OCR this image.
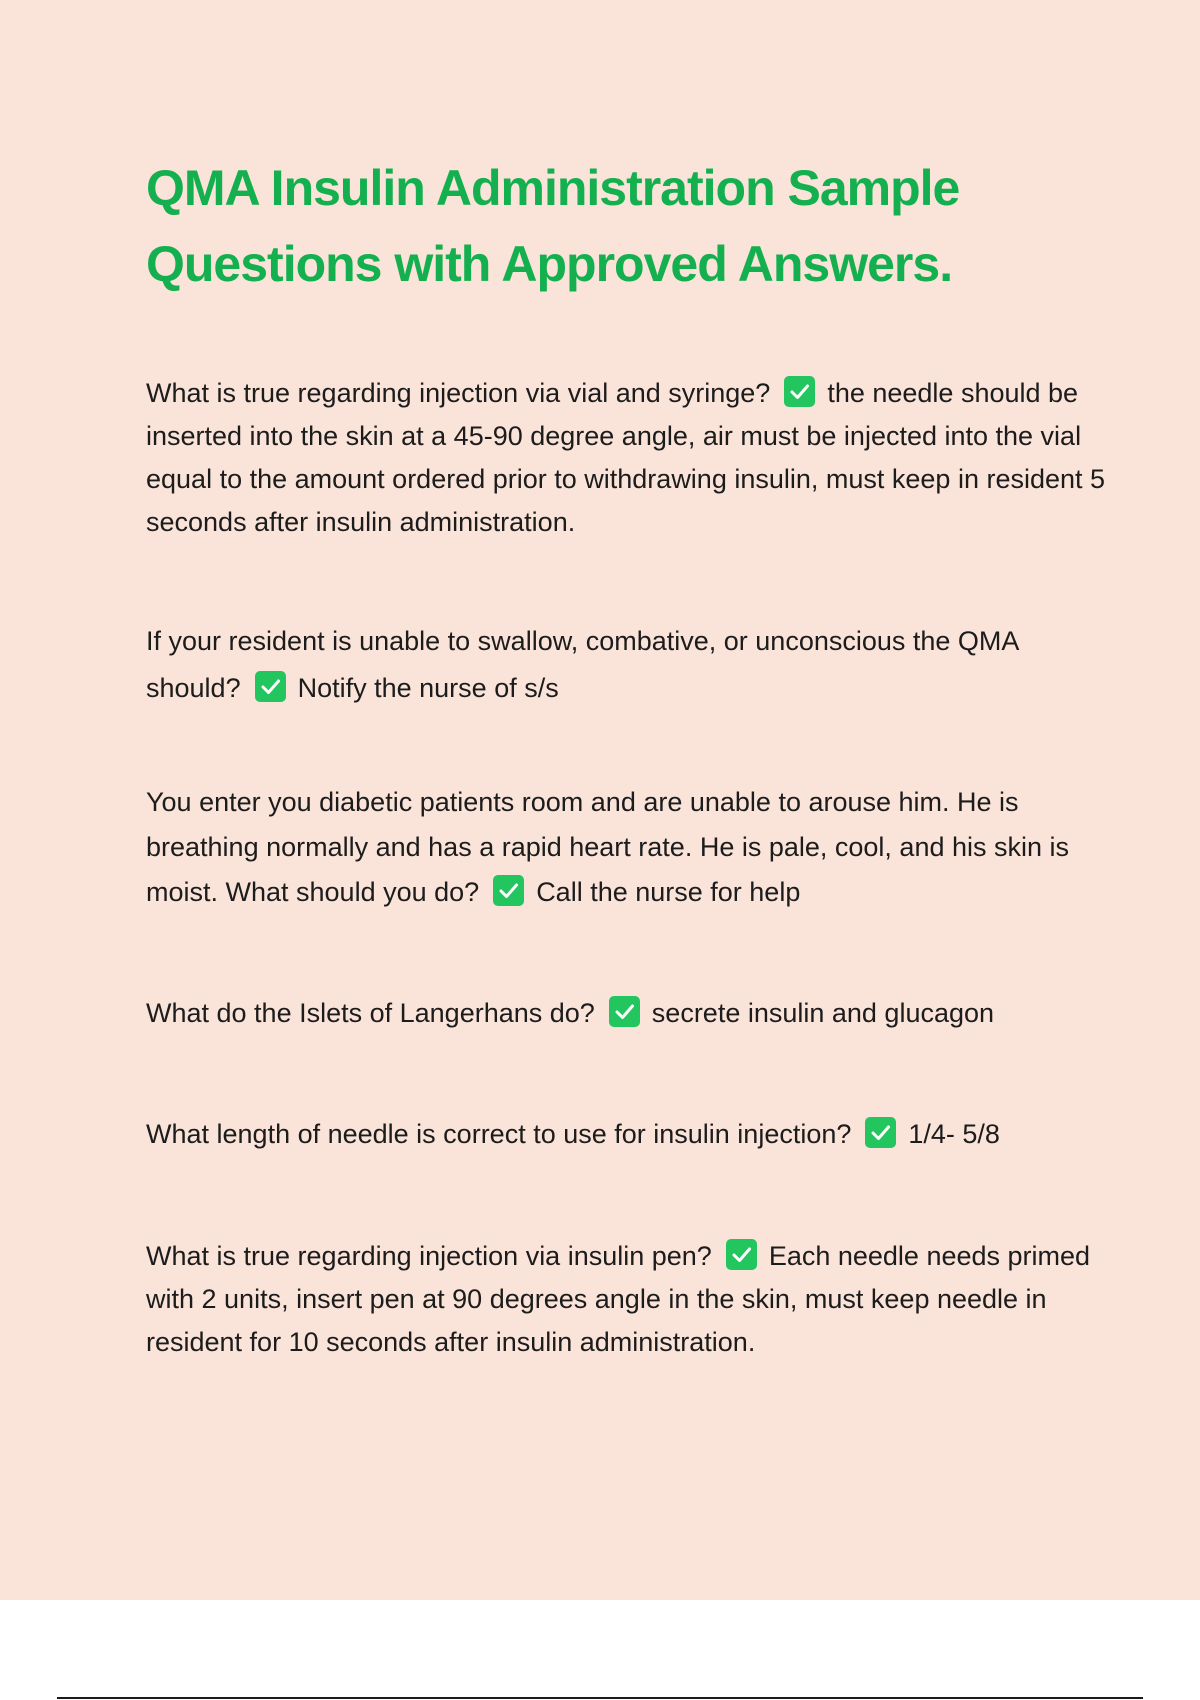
QMA Insulin Administration Sample Questions with Approved Answers.

What is true regarding injection via vial and syringe? the needle should be inserted into the skin at a 45-90 degree angle, air must be injected into the vial equal to the amount ordered prior to withdrawing insulin, must keep in resident 5 seconds after insulin administration.

If your resident is unable to swallow, combative, or unconscious the QMA should? Notify the nurse of s/s

You enter you diabetic patients room and are unable to arouse him. He is breathing normally and has a rapid heart rate. He is pale, cool, and his skin is moist. What should you do? Call the nurse for help

What do the Islets of Langerhans do? secrete insulin and glucagon

What length of needle is correct to use for insulin injection? 1/4- 5/8

What is true regarding injection via insulin pen? Each needle needs primed with 2 units, insert pen at 90 degrees angle in the skin, must keep needle in resident for 10 seconds after insulin administration.
